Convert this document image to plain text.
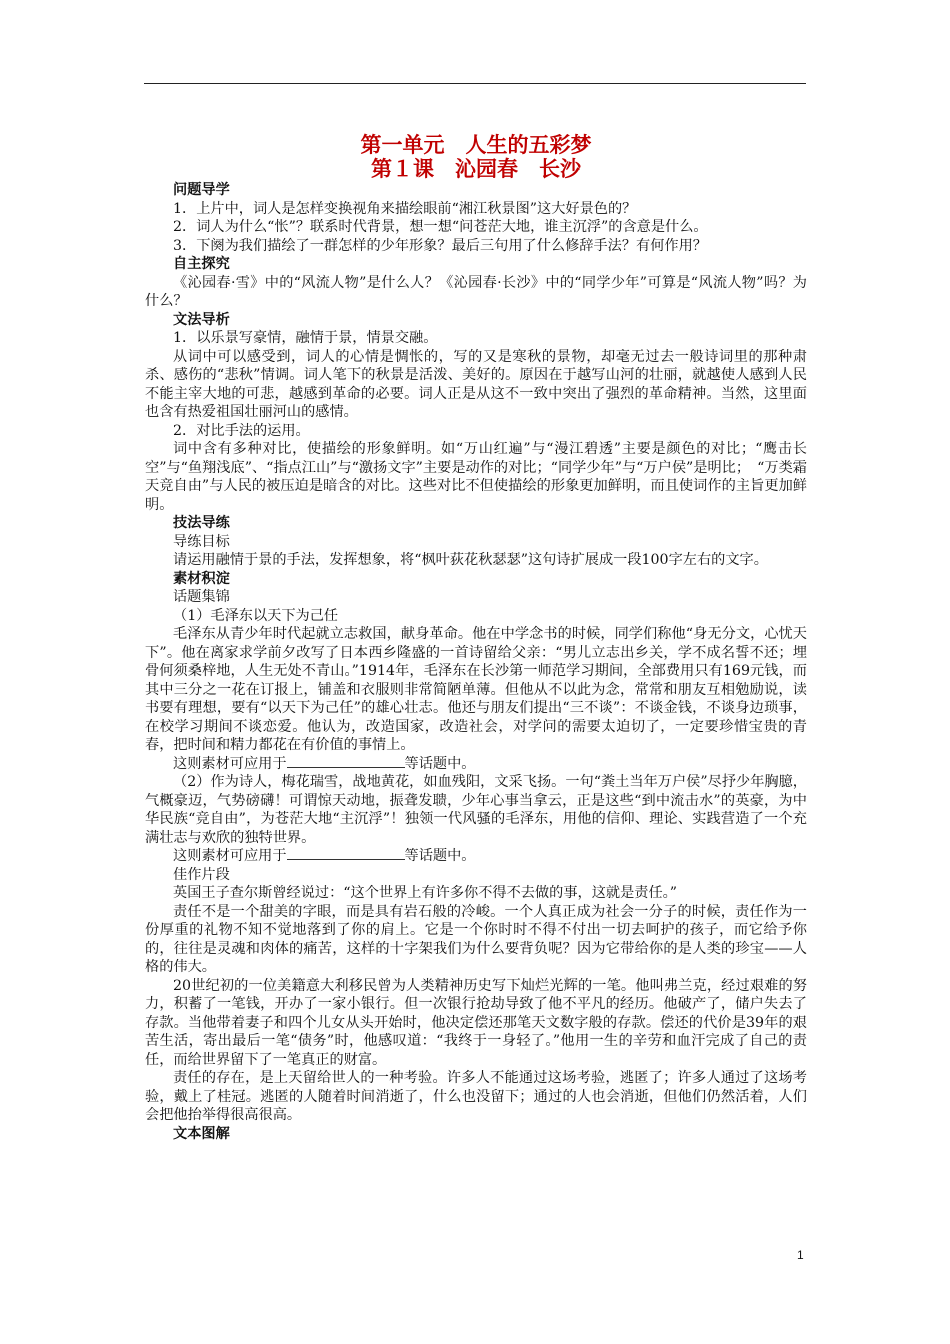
第一单元　人生的五彩梦
第１课　沁园春　长沙
问题导学
1．上片中，词人是怎样变换视角来描绘眼前“湘江秋景图”这大好景色的？
2．词人为什么“怅”？联系时代背景，想一想“问苍茫大地，谁主沉浮”的含意是什么。
3．下阕为我们描绘了一群怎样的少年形象？最后三句用了什么修辞手法？有何作用？
自主探究
《沁园春·雪》中的“风流人物”是什么人？《沁园春·长沙》中的“同学少年”可算是“风流人物”吗？为什么？
文法导析
1．以乐景写豪情，融情于景，情景交融。
从词中可以感受到，词人的心情是惆怅的，写的又是寒秋的景物，却毫无过去一般诗词里的那种肃杀、感伤的“悲秋”情调。词人笔下的秋景是活泼、美好的。原因在于越写山河的壮丽，就越使人感到人民不能主宰大地的可悲，越感到革命的必要。词人正是从这不一致中突出了强烈的革命精神。当然，这里面也含有热爱祖国壮丽河山的感情。
2．对比手法的运用。
词中含有多种对比，使描绘的形象鲜明。如“万山红遍”与“漫江碧透”主要是颜色的对比；“鹰击长空”与“鱼翔浅底”、“指点江山”与“激扬文字”主要是动作的对比；“同学少年”与“万户侯”是明比；　“万类霜天竞自由”与人民的被压迫是暗含的对比。这些对比不但使描绘的形象更加鲜明，而且使词作的主旨更加鲜明。
技法导练
导练目标
请运用融情于景的手法，发挥想象，将“枫叶荻花秋瑟瑟”这句诗扩展成一段100字左右的文字。
素材积淀
话题集锦
（1）毛泽东以天下为己任
毛泽东从青少年时代起就立志救国，献身革命。他在中学念书的时候，同学们称他“身无分文，心忧天下”。他在离家求学前夕改写了日本西乡隆盛的一首诗留给父亲：“男儿立志出乡关，学不成名誓不还；埋骨何须桑梓地，人生无处不青山。”1914年，毛泽东在长沙第一师范学习期间，全部费用只有169元钱，而其中三分之一花在订报上，铺盖和衣服则非常简陋单薄。但他从不以此为念，常常和朋友互相勉励说，读书要有理想，要有“以天下为己任”的雄心壮志。他还与朋友们提出“三不谈”：不谈金钱，不谈身边琐事，在校学习期间不谈恋爱。他认为，改造国家，改造社会，对学问的需要太迫切了，一定要珍惜宝贵的青春，把时间和精力都花在有价值的事情上。
这则素材可应用于	等话题中。
（2）作为诗人，梅花瑞雪，战地黄花，如血残阳，文采飞扬。一句“粪土当年万户侯”尽抒少年胸臆，气概豪迈，气势磅礴！可谓惊天动地，振聋发聩，少年心事当拿云，正是这些“到中流击水”的英豪，为中华民族“竞自由”，为苍茫大地“主沉浮”！独领一代风骚的毛泽东，用他的信仰、理论、实践营造了一个充满壮志与欢欣的独特世界。
这则素材可应用于	等话题中。
佳作片段
英国王子查尔斯曾经说过：“这个世界上有许多你不得不去做的事，这就是责任。”
责任不是一个甜美的字眼，而是具有岩石般的冷峻。一个人真正成为社会一分子的时候，责任作为一份厚重的礼物不知不觉地落到了你的肩上。它是一个你时时不得不付出一切去呵护的孩子，而它给予你的，往往是灵魂和肉体的痛苦，这样的十字架我们为什么要背负呢？因为它带给你的是人类的珍宝——人格的伟大。
20世纪初的一位美籍意大利移民曾为人类精神历史写下灿烂光辉的一笔。他叫弗兰克，经过艰难的努力，积蓄了一笔钱，开办了一家小银行。但一次银行抢劫导致了他不平凡的经历。他破产了，储户失去了存款。当他带着妻子和四个儿女从头开始时，他决定偿还那笔天文数字般的存款。偿还的代价是39年的艰苦生活，寄出最后一笔“债务”时，他感叹道：“我终于一身轻了。”他用一生的辛劳和血汗完成了自己的责任，而给世界留下了一笔真正的财富。
责任的存在，是上天留给世人的一种考验。许多人不能通过这场考验，逃匿了；许多人通过了这场考验，戴上了桂冠。逃匿的人随着时间消逝了，什么也没留下；通过的人也会消逝，但他们仍然活着，人们会把他抬举得很高很高。
文本图解
1
